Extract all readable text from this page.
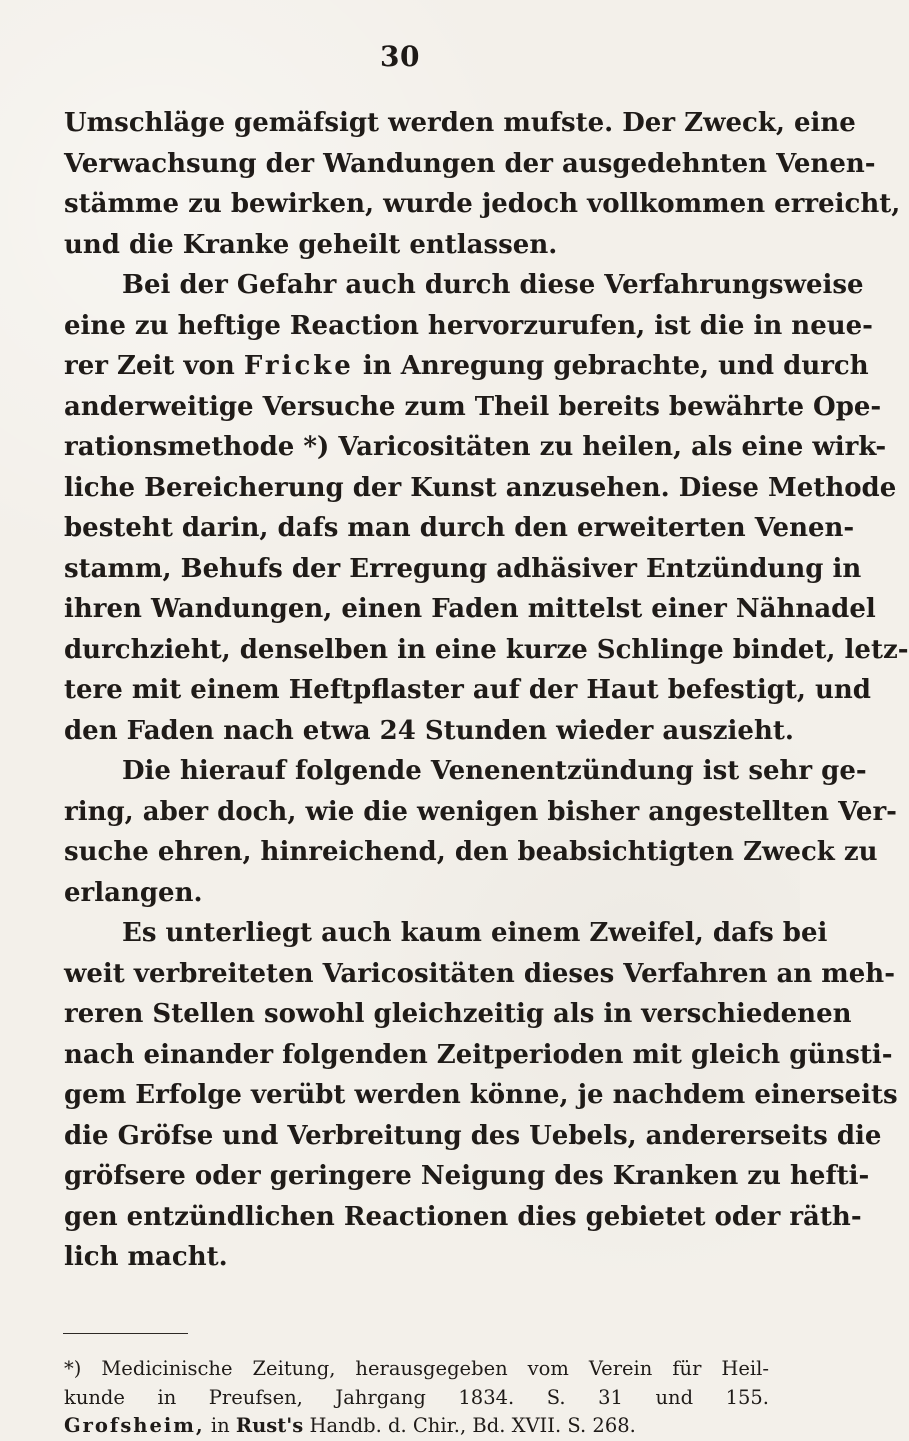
30
Umschläge gemäfsigt werden mufste. Der Zweck, eine
Verwachsung der Wandungen der ausgedehnten Venen-
stämme zu bewirken, wurde jedoch vollkommen erreicht,
und die Kranke geheilt entlassen.
Bei der Gefahr auch durch diese Verfahrungsweise
eine zu heftige Reaction hervorzurufen, ist die in neue-
rer Zeit von Fricke in Anregung gebrachte, und durch
anderweitige Versuche zum Theil bereits bewährte Ope-
rationsmethode *) Varicositäten zu heilen, als eine wirk-
liche Bereicherung der Kunst anzusehen. Diese Methode
besteht darin, dafs man durch den erweiterten Venen-
stamm, Behufs der Erregung adhäsiver Entzündung in
ihren Wandungen, einen Faden mittelst einer Nähnadel
durchzieht, denselben in eine kurze Schlinge bindet, letz-
tere mit einem Heftpflaster auf der Haut befestigt, und
den Faden nach etwa 24 Stunden wieder auszieht.
Die hierauf folgende Venenentzündung ist sehr ge-
ring, aber doch, wie die wenigen bisher angestellten Ver-
suche ehren, hinreichend, den beabsichtigten Zweck zu
erlangen.
Es unterliegt auch kaum einem Zweifel, dafs bei
weit verbreiteten Varicositäten dieses Verfahren an meh-
reren Stellen sowohl gleichzeitig als in verschiedenen
nach einander folgenden Zeitperioden mit gleich günsti-
gem Erfolge verübt werden könne, je nachdem einerseits
die Gröfse und Verbreitung des Uebels, andererseits die
gröfsere oder geringere Neigung des Kranken zu hefti-
gen entzündlichen Reactionen dies gebietet oder räth-
lich macht.
*) Medicinische Zeitung, herausgegeben vom Verein für Heil-
kunde in Preufsen, Jahrgang 1834. S. 31 und 155.
Grofsheim, in Rust's Handb. d. Chir., Bd. XVII. S. 268.
